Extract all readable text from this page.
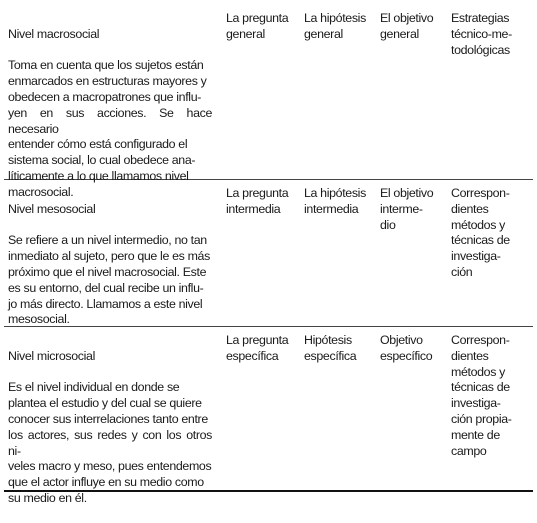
Nivel macrosocial

Toma en cuenta que los sujetos están
enmarcados en estructuras mayores y
obedecen a macropatrones que influ-
yen en sus acciones. Se hace necesario
entender cómo está configurado el
sistema social, lo cual obedece ana-
líticamente a lo que llamamos nivel
macrosocial.

La pregunta
general
La hipótesis
general
El objetivo
general
Estrategias
técnico-me-
todológicas

Nivel mesosocial

Se refiere a un nivel intermedio, no tan
inmediato al sujeto, pero que le es más
próximo que el nivel macrosocial. Este
es su entorno, del cual recibe un influ-
jo más directo. Llamamos a este nivel
mesosocial.

La pregunta
intermedia
La hipótesis
intermedia
El objetivo
interme-
dio
Correspon-
dientes
métodos y
técnicas de
investiga-
ción

Nivel microsocial

Es el nivel individual en donde se
plantea el estudio y del cual se quiere
conocer sus interrelaciones tanto entre
los actores, sus redes y con los otros ni-
veles macro y meso, pues entendemos
que el actor influye en su medio como
su medio en él.

La pregunta
específica
Hipótesis
específica
Objetivo
específico
Correspon-
dientes
métodos y
técnicas de
investiga-
ción propia-
mente de
campo
